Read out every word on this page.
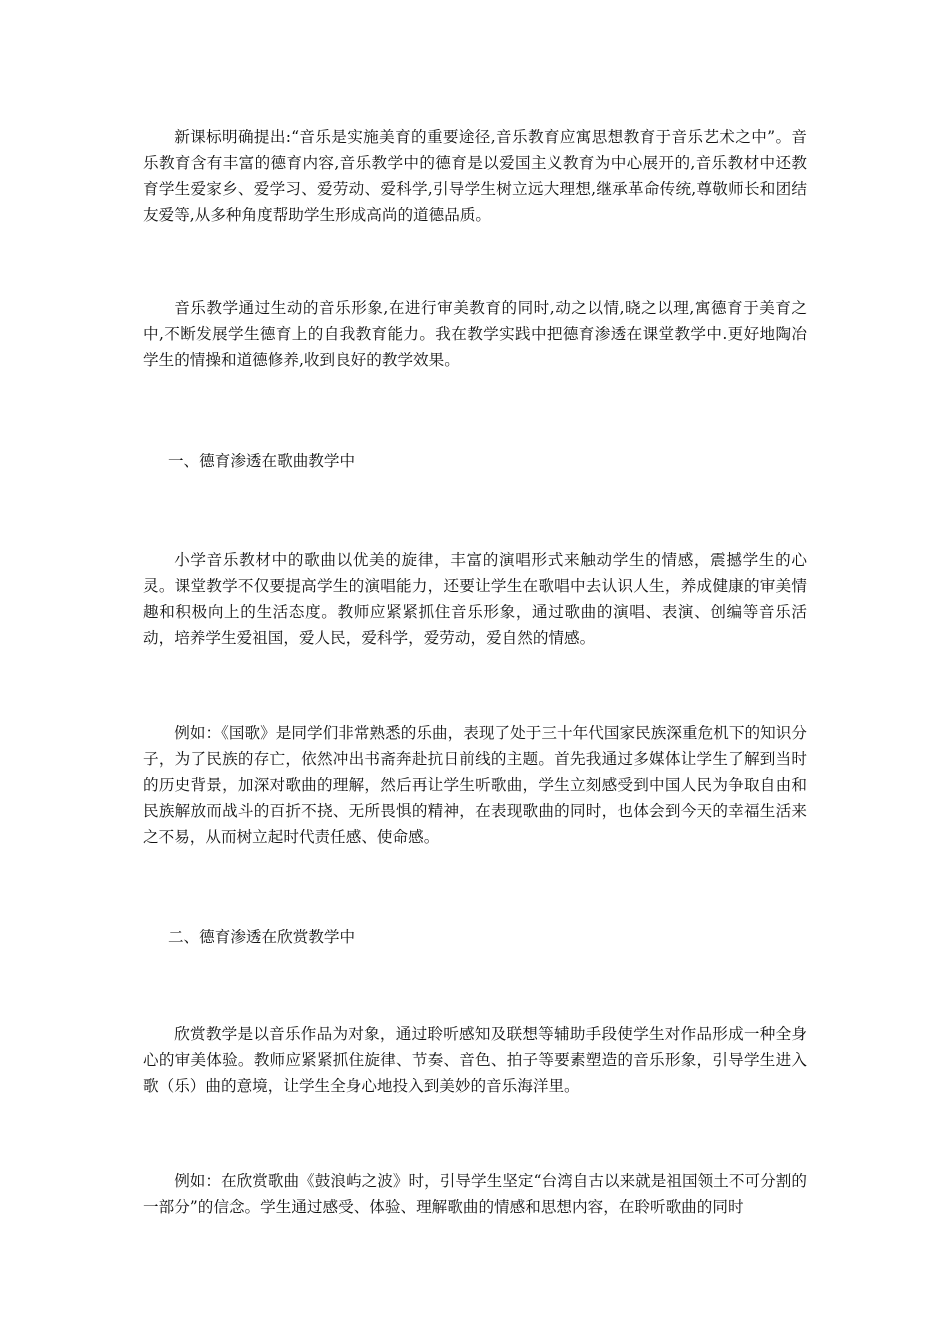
新课标明确提出:“音乐是实施美育的重要途径,音乐教育应寓思想教育于音乐艺术之中”。音乐教育含有丰富的德育内容,音乐教学中的德育是以爱国主义教育为中心展开的,音乐教材中还教育学生爱家乡、爱学习、爱劳动、爱科学,引导学生树立远大理想,继承革命传统,尊敬师长和团结友爱等,从多种角度帮助学生形成高尚的道德品质。

音乐教学通过生动的音乐形象,在进行审美教育的同时,动之以情,晓之以理,寓德育于美育之中,不断发展学生德育上的自我教育能力。我在教学实践中把德育渗透在课堂教学中.更好地陶冶学生的情操和道德修养,收到良好的教学效果。

一、德育渗透在歌曲教学中

小学音乐教材中的歌曲以优美的旋律，丰富的演唱形式来触动学生的情感，震撼学生的心灵。课堂教学不仅要提高学生的演唱能力，还要让学生在歌唱中去认识人生，养成健康的审美情趣和积极向上的生活态度。教师应紧紧抓住音乐形象，通过歌曲的演唱、表演、创编等音乐活动，培养学生爱祖国，爱人民，爱科学，爱劳动，爱自然的情感。

例如：《国歌》是同学们非常熟悉的乐曲，表现了处于三十年代国家民族深重危机下的知识分子，为了民族的存亡，依然冲出书斋奔赴抗日前线的主题。首先我通过多媒体让学生了解到当时的历史背景，加深对歌曲的理解，然后再让学生听歌曲，学生立刻感受到中国人民为争取自由和民族解放而战斗的百折不挠、无所畏惧的精神，在表现歌曲的同时，也体会到今天的幸福生活来之不易，从而树立起时代责任感、使命感。

二、德育渗透在欣赏教学中

欣赏教学是以音乐作品为对象，通过聆听感知及联想等辅助手段使学生对作品形成一种全身心的审美体验。教师应紧紧抓住旋律、节奏、音色、拍子等要素塑造的音乐形象，引导学生进入歌（乐）曲的意境，让学生全身心地投入到美妙的音乐海洋里。

例如：在欣赏歌曲《鼓浪屿之波》时，引导学生坚定“台湾自古以来就是祖国领土不可分割的一部分”的信念。学生通过感受、体验、理解歌曲的情感和思想内容，在聆听歌曲的同时
